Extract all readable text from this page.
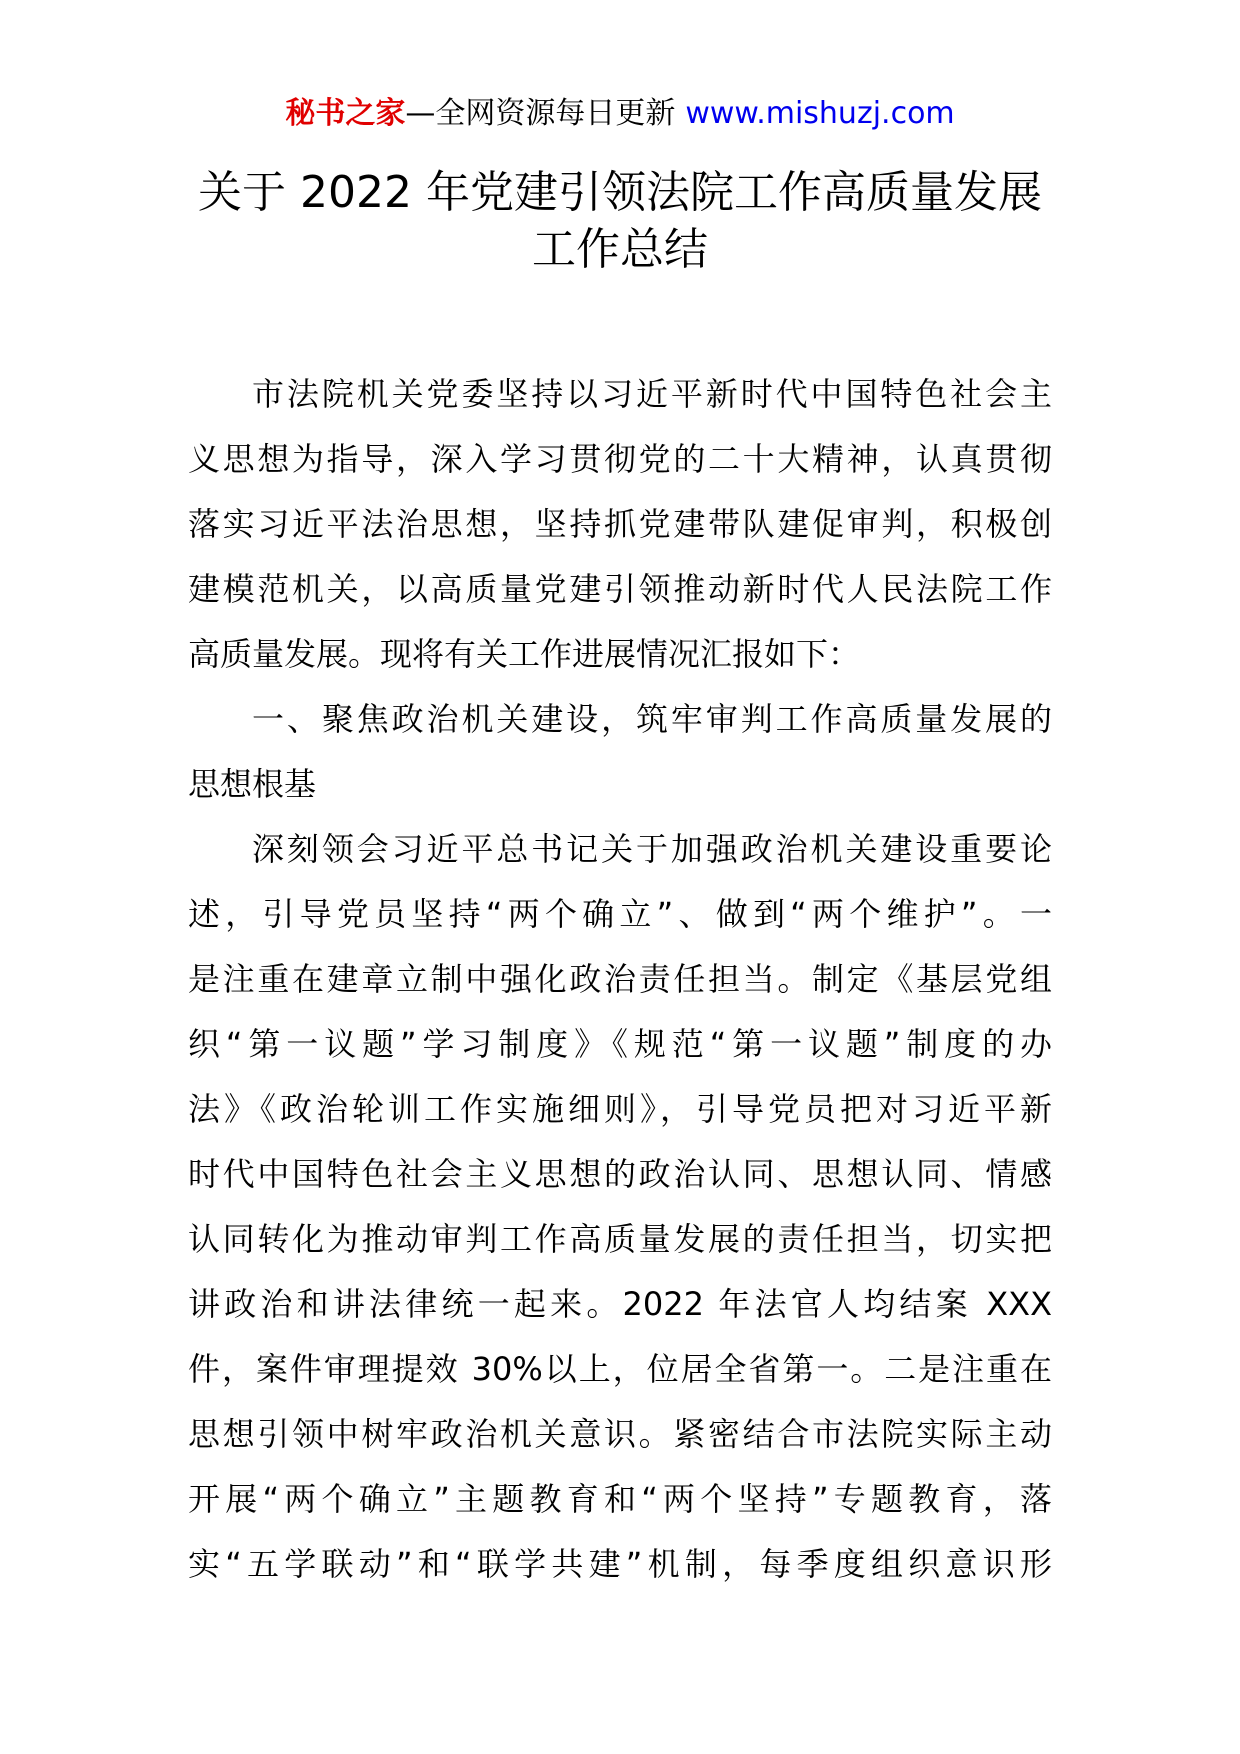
秘书之家—全网资源每日更新 www.mishuzj.com
关于 2022 年党建引领法院工作高质量发展
工作总结
市法院机关党委坚持以习近平新时代中国特色社会主
义思想为指导，深入学习贯彻党的二十大精神，认真贯彻
落实习近平法治思想，坚持抓党建带队建促审判，积极创
建模范机关，以高质量党建引领推动新时代人民法院工作
高质量发展。现将有关工作进展情况汇报如下：
一、聚焦政治机关建设，筑牢审判工作高质量发展的
思想根基
深刻领会习近平总书记关于加强政治机关建设重要论
述，引导党员坚持“两个确立”、做到“两个维护”。一
是注重在建章立制中强化政治责任担当。制定《基层党组
织“第一议题”学习制度》《规范“第一议题”制度的办
法》《政治轮训工作实施细则》，引导党员把对习近平新
时代中国特色社会主义思想的政治认同、思想认同、情感
认同转化为推动审判工作高质量发展的责任担当，切实把
讲政治和讲法律统一起来。2022 年法官人均结案 XXX
件，案件审理提效 30%以上，位居全省第一。二是注重在
思想引领中树牢政治机关意识。紧密结合市法院实际主动
开展“两个确立”主题教育和“两个坚持”专题教育，落
实“五学联动”和“联学共建”机制，每季度组织意识形
